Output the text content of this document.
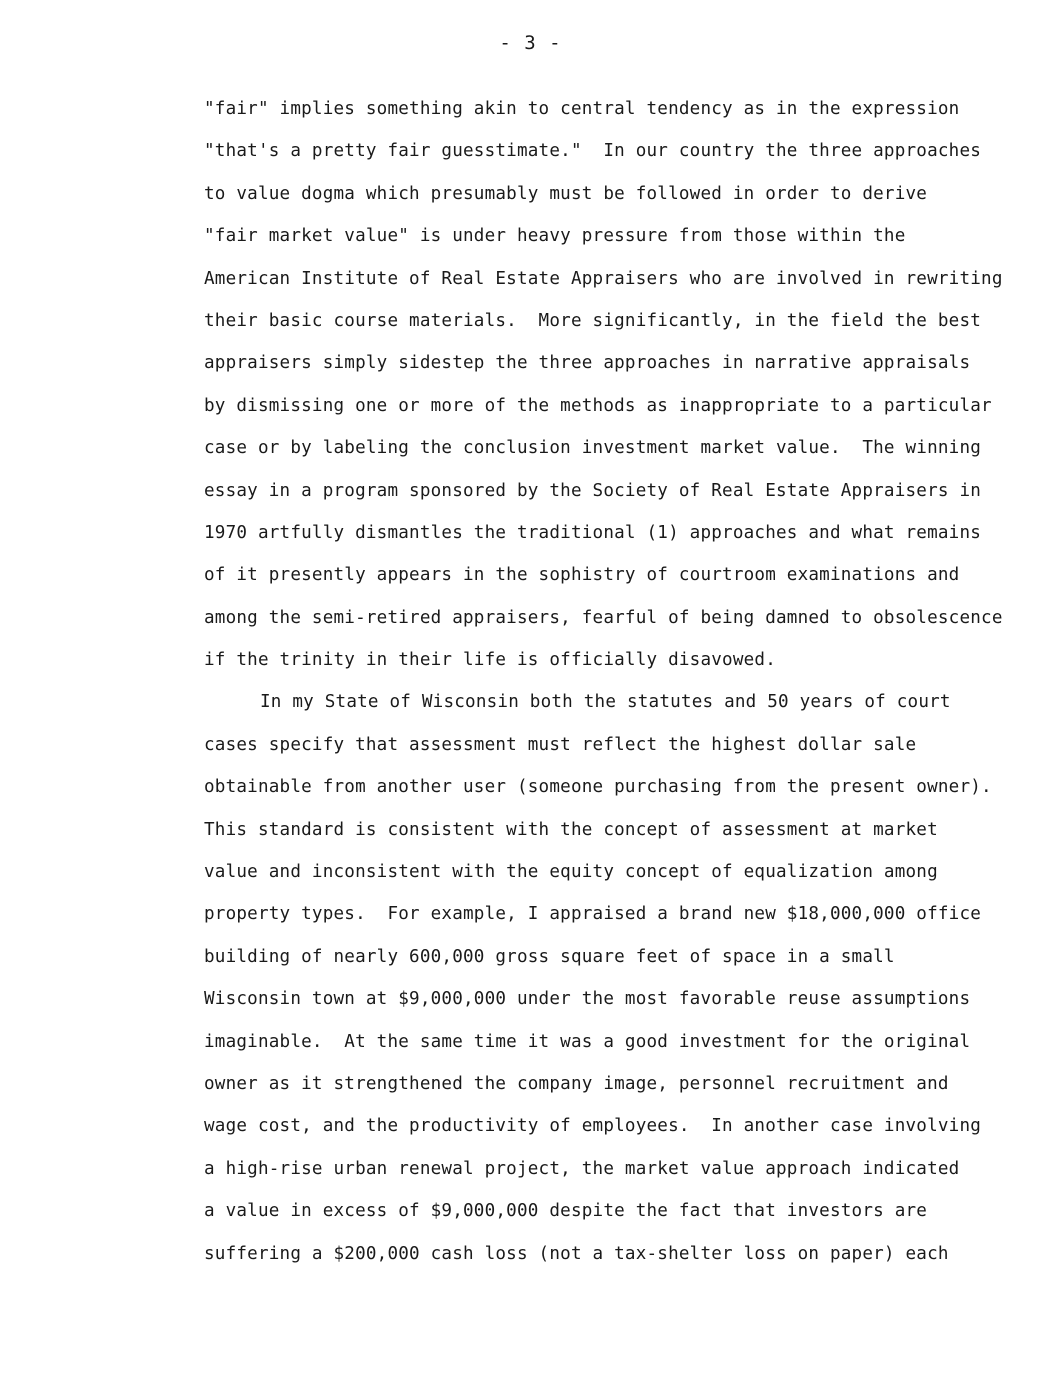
- 3 -
"fair" implies something akin to central tendency as in the expression
"that's a pretty fair guesstimate."  In our country the three approaches
to value dogma which presumably must be followed in order to derive
"fair market value" is under heavy pressure from those within the
American Institute of Real Estate Appraisers who are involved in rewriting
their basic course materials.  More significantly, in the field the best
appraisers simply sidestep the three approaches in narrative appraisals
by dismissing one or more of the methods as inappropriate to a particular
case or by labeling the conclusion investment market value.  The winning
essay in a program sponsored by the Society of Real Estate Appraisers in
1970 artfully dismantles the traditional (1) approaches and what remains
of it presently appears in the sophistry of courtroom examinations and
among the semi-retired appraisers, fearful of being damned to obsolescence
if the trinity in their life is officially disavowed.
In my State of Wisconsin both the statutes and 50 years of court
cases specify that assessment must reflect the highest dollar sale
obtainable from another user (someone purchasing from the present owner).
This standard is consistent with the concept of assessment at market
value and inconsistent with the equity concept of equalization among
property types.  For example, I appraised a brand new $18,000,000 office
building of nearly 600,000 gross square feet of space in a small
Wisconsin town at $9,000,000 under the most favorable reuse assumptions
imaginable.  At the same time it was a good investment for the original
owner as it strengthened the company image, personnel recruitment and
wage cost, and the productivity of employees.  In another case involving
a high-rise urban renewal project, the market value approach indicated
a value in excess of $9,000,000 despite the fact that investors are
suffering a $200,000 cash loss (not a tax-shelter loss on paper) each
